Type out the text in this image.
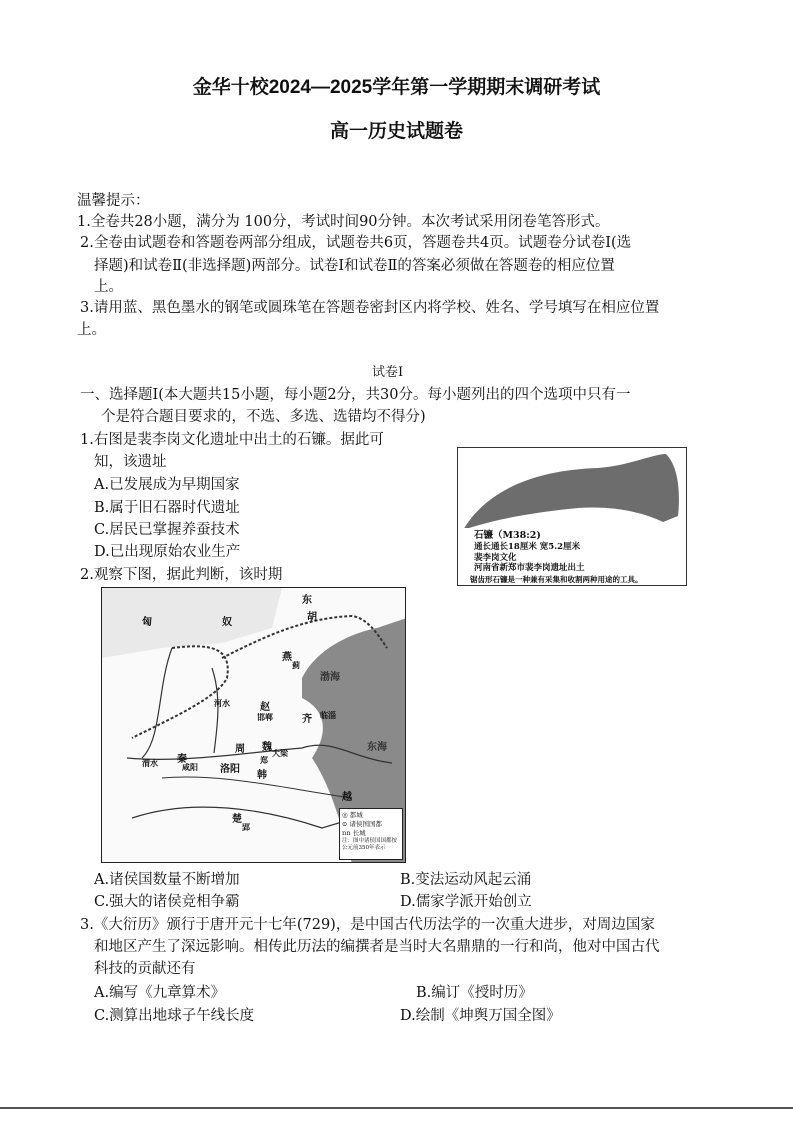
金华十校2024—2025学年第一学期期末调研考试
高一历史试题卷
温馨提示：
1.全卷共28小题，满分为 100分，考试时间90分钟。本次考试采用闭卷笔答形式。
2.全卷由试题卷和答题卷两部分组成，试题卷共6页，答题卷共4页。试题卷分试卷Ⅰ(选
择题)和试卷Ⅱ(非选择题)两部分。试卷Ⅰ和试卷Ⅱ的答案必须做在答题卷的相应位置
上。
3.请用蓝、黑色墨水的钢笔或圆珠笔在答题卷密封区内将学校、姓名、学号填写在相应位置
上。
试卷Ⅰ
一、选择题Ⅰ(本大题共15小题，每小题2分，共30分。每小题列出的四个选项中只有一
个是符合题目要求的，不选、多选、选错均不得分)
1.右图是裴李岗文化遗址中出土的石镰。据此可
知，该遗址
A.已发展成为早期国家
B.属于旧石器时代遗址
C.居民已掌握养蚕技术
D.已出现原始农业生产
石镰（M38:2)
通长通长18厘米 宽5.2厘米
裴李岗文化
河南省新郑市裴李岗遗址出土
锯齿形石镰是一种兼有采集和收割两种用途的工具。
2.观察下图，据此判断，该时期
匈	奴
东
胡
燕
蓟
赵
邯郸	齐 临淄
周
洛阳
魏 大梁
韩
郑
秦
咸阳
楚
郢
越
渤海
东海
河水
渭水
◎ 都城
⊙ 诸侯国国都
ռռ 长城
注：图中诸侯国国都按公元前350年表示
A.诸侯国数量不断增加	B.变法运动风起云涌
C.强大的诸侯竞相争霸	D.儒家学派开始创立
3.《大衍历》颁行于唐开元十七年(729)，是中国古代历法学的一次重大进步，对周边国家
和地区产生了深远影响。相传此历法的编撰者是当时大名鼎鼎的一行和尚，他对中国古代
科技的贡献还有
A.编写《九章算术》	B.编订《授时历》
C.测算出地球子午线长度	D.绘制《坤舆万国全图》
